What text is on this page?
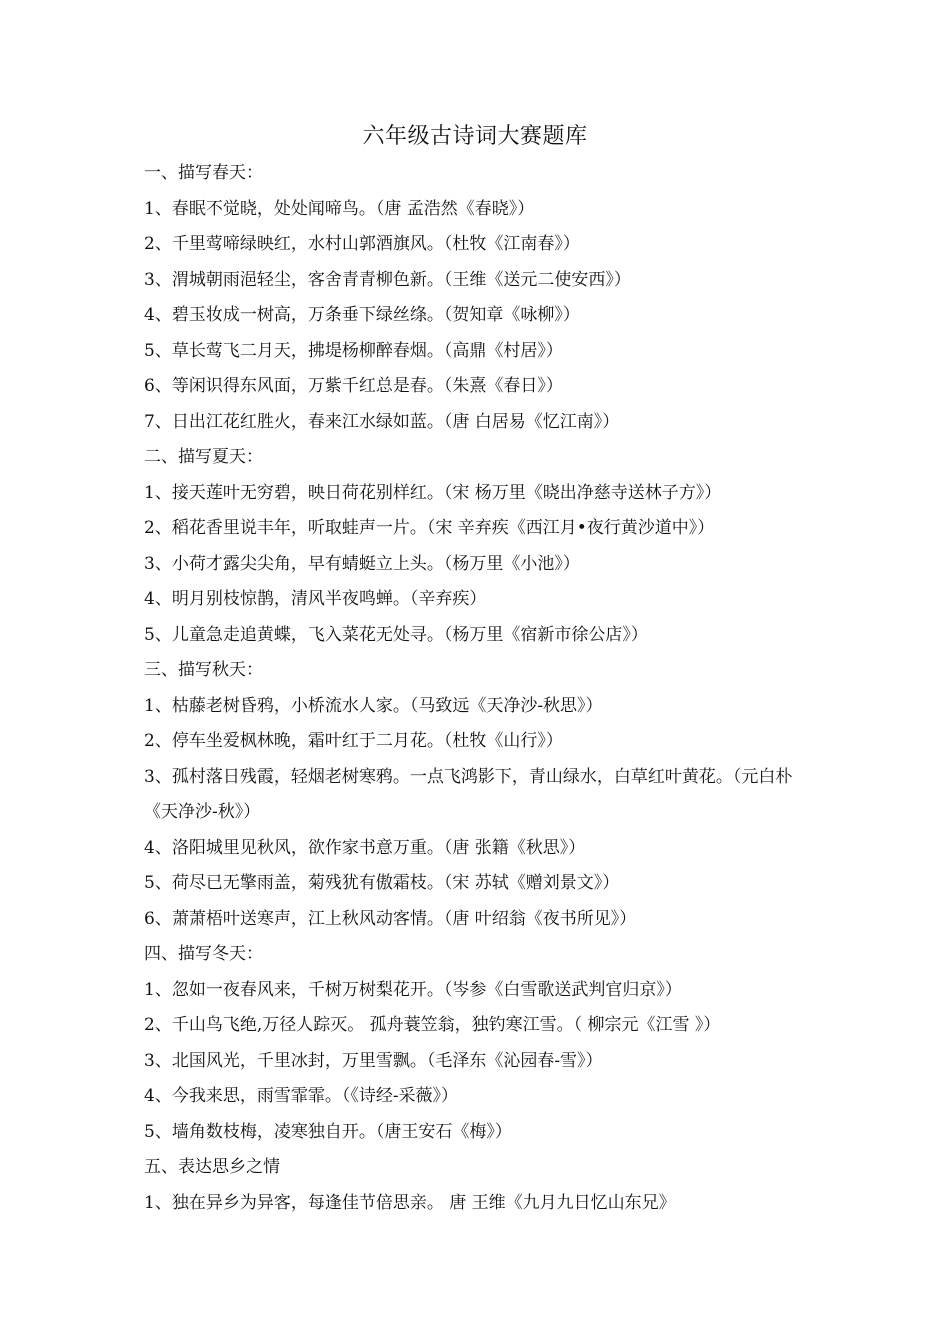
六年级古诗词大赛题库
一、描写春天：
1、春眠不觉晓，处处闻啼鸟。（唐 孟浩然《春晓》）
2、千里莺啼绿映红，水村山郭酒旗风。（杜牧《江南春》）
3、渭城朝雨浥轻尘，客舍青青柳色新。（王维《送元二使安西》）
4、碧玉妆成一树高，万条垂下绿丝绦。（贺知章《咏柳》）
5、草长莺飞二月天，拂堤杨柳醉春烟。（高鼎《村居》）
6、等闲识得东风面，万紫千红总是春。（朱熹《春日》）
7、日出江花红胜火，春来江水绿如蓝。（唐 白居易《忆江南》）
二、描写夏天：
1、接天莲叶无穷碧，映日荷花别样红。（宋 杨万里《晓出净慈寺送林子方》）
2、稻花香里说丰年，听取蛙声一片。（宋 辛弃疾《西江月•夜行黄沙道中》）
3、小荷才露尖尖角，早有蜻蜓立上头。（杨万里《小池》）
4、明月别枝惊鹊，清风半夜鸣蝉。（辛弃疾）
5、儿童急走追黄蝶，飞入菜花无处寻。（杨万里《宿新市徐公店》）
三、描写秋天：
1、枯藤老树昏鸦，小桥流水人家。（马致远《天净沙-秋思》）
2、停车坐爱枫林晚，霜叶红于二月花。（杜牧《山行》）
3、孤村落日残霞，轻烟老树寒鸦。一点飞鸿影下，青山绿水，白草红叶黄花。（元白朴《天净沙-秋》）
4、洛阳城里见秋风，欲作家书意万重。（唐 张籍《秋思》）
5、荷尽已无擎雨盖，菊残犹有傲霜枝。（宋 苏轼《赠刘景文》）
6、萧萧梧叶送寒声，江上秋风动客情。（唐 叶绍翁《夜书所见》）
四、描写冬天：
1、忽如一夜春风来，千树万树梨花开。（岑参《白雪歌送武判官归京》）
2、千山鸟飞绝,万径人踪灭。 孤舟蓑笠翁，独钓寒江雪。（ 柳宗元《江雪 》）
3、北国风光，千里冰封，万里雪飘。（毛泽东《沁园春-雪》）
4、今我来思，雨雪霏霏。（《诗经-采薇》）
5、墙角数枝梅，凌寒独自开。（唐王安石《梅》）
五、表达思乡之情
1、独在异乡为异客，每逢佳节倍思亲。 唐 王维《九月九日忆山东兄》
